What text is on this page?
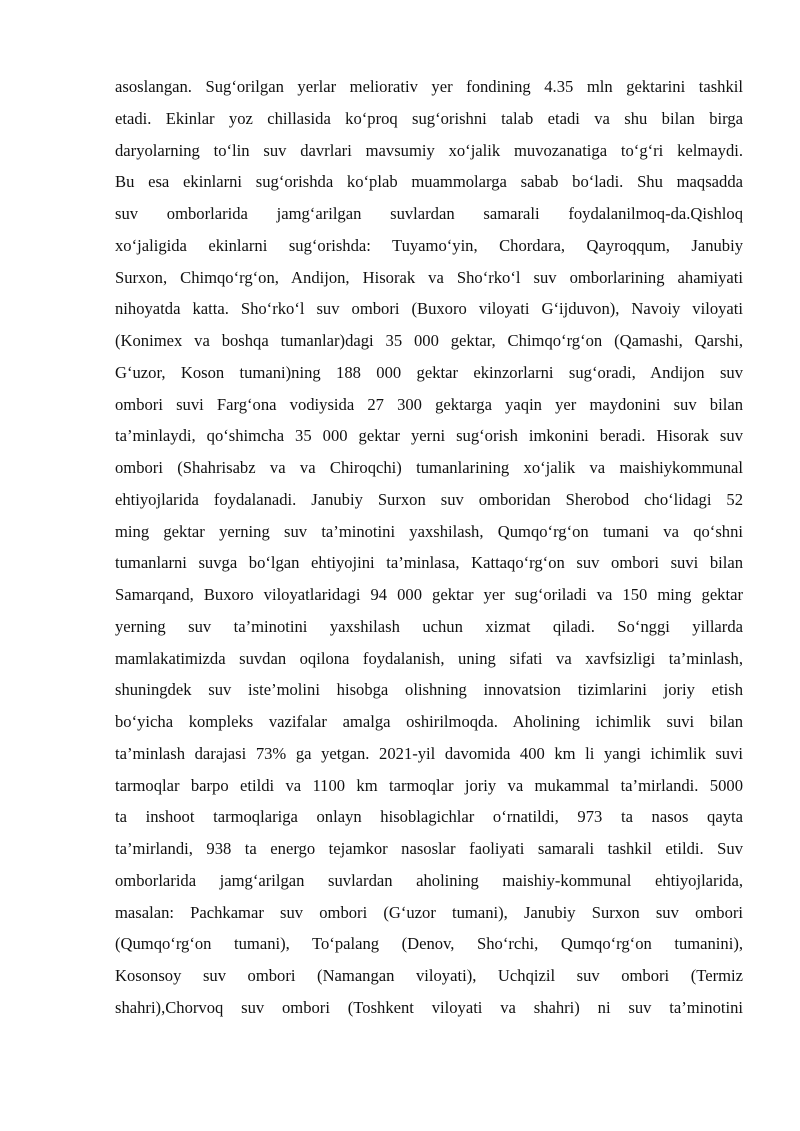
asoslangan. Sug‘orilgan yerlar meliorativ yer fondining 4.35 mln gektarini tashkil
etadi. Ekinlar yoz chillasida ko‘proq sug‘orishni talab etadi va shu bilan birga
daryolarning to‘lin suv davrlari mavsumiy xo‘jalik muvozanatiga to‘g‘ri kelmaydi.
Bu esa ekinlarni sug‘orishda ko‘plab muammolarga sabab bo‘ladi. Shu maqsadda
suv omborlarida jamg‘arilgan suvlardan samarali foydalanilmoq-da.Qishloq
xo‘jaligida ekinlarni sug‘orishda: Tuyamo‘yin, Chordara, Qayroqqum, Janubiy
Surxon, Chimqo‘rg‘on, Andijon, Hisorak va Sho‘rko‘l suv omborlarining ahamiyati
nihoyatda katta. Sho‘rko‘l suv ombori (Buxoro viloyati G‘ijduvon), Navoiy viloyati
(Konimex va boshqa tumanlar)dagi 35 000 gektar, Chimqo‘rg‘on (Qamashi, Qarshi,
G‘uzor, Koson tumani)ning 188 000 gektar ekinzorlarni sug‘oradi, Andijon suv
ombori suvi Farg‘ona vodiysida 27 300 gektarga yaqin yer maydonini suv bilan
ta’minlaydi, qo‘shimcha 35 000 gektar yerni sug‘orish imkonini beradi. Hisorak suv
ombori (Shahrisabz va va Chiroqchi) tumanlarining xo‘jalik va maishiykommunal
ehtiyojlarida foydalanadi. Janubiy Surxon suv omboridan Sherobod cho‘lidagi 52
ming gektar yerning suv ta’minotini yaxshilash, Qumqo‘rg‘on tumani va qo‘shni
tumanlarni suvga bo‘lgan ehtiyojini ta’minlasa, Kattaqo‘rg‘on suv ombori suvi bilan
Samarqand, Buxoro viloyatlaridagi 94 000 gektar yer sug‘oriladi va 150 ming gektar
yerning suv ta’minotini yaxshilash uchun xizmat qiladi. So‘nggi yillarda
mamlakatimizda suvdan oqilona foydalanish, uning sifati va xavfsizligi ta’minlash,
shuningdek suv iste’molini hisobga olishning innovatsion tizimlarini joriy etish
bo‘yicha kompleks vazifalar amalga oshirilmoqda. Aholining ichimlik suvi bilan
ta’minlash darajasi 73% ga yetgan. 2021-yil davomida 400 km li yangi ichimlik suvi
tarmoqlar barpo etildi va 1100 km tarmoqlar joriy va mukammal ta’mirlandi. 5000
ta inshoot tarmoqlariga onlayn hisoblagichlar o‘rnatildi, 973 ta nasos qayta
ta’mirlandi, 938 ta energo tejamkor nasoslar faoliyati samarali tashkil etildi. Suv
omborlarida jamg‘arilgan suvlardan aholining maishiy-kommunal ehtiyojlarida,
masalan: Pachkamar suv ombori (G‘uzor tumani), Janubiy Surxon suv ombori
(Qumqo‘rg‘on tumani), To‘palang (Denov, Sho‘rchi, Qumqo‘rg‘on tumanini),
Kosonsoy suv ombori (Namangan viloyati), Uchqizil suv ombori (Termiz
shahri),Chorvoq suv ombori (Toshkent viloyati va shahri) ni suv ta’minotini
